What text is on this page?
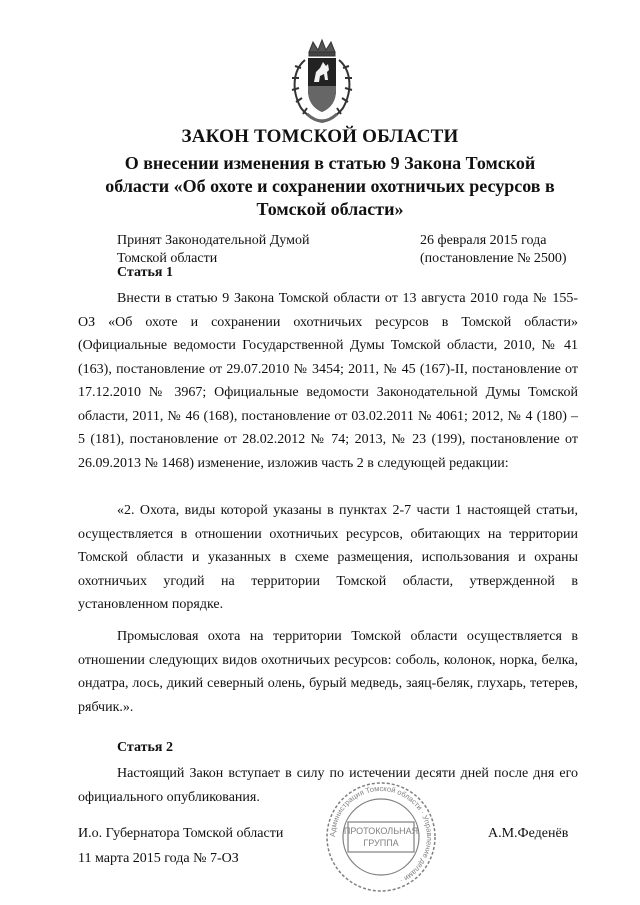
ЗАКОН ТОМСКОЙ ОБЛАСТИ
О внесении изменения в статью 9 Закона Томской
области «Об охоте и сохранении охотничьих ресурсов в
Томской области»
Принят Законодательной Думой
Томской области
26 февраля 2015 года
(постановление № 2500)
Статья 1
Внести в статью 9 Закона Томской области от 13 августа 2010 года № 155-ОЗ «Об охоте и сохранении охотничьих ресурсов в Томской области» (Официальные ведомости Государственной Думы Томской области, 2010, № 41 (163), постановление от 29.07.2010 № 3454; 2011, № 45 (167)-II, постановление от 17.12.2010 № 3967; Официальные ведомости Законодательной Думы Томской области, 2011, № 46 (168), постановление от 03.02.2011 № 4061; 2012, № 4 (180) – 5 (181), постановление от 28.02.2012 № 74; 2013, № 23 (199), постановление от 26.09.2013 № 1468) изменение, изложив часть 2 в следующей редакции:
«2. Охота, виды которой указаны в пунктах 2-7 части 1 настоящей статьи, осуществляется в отношении охотничьих ресурсов, обитающих на территории Томской области и указанных в схеме размещения, использования и охраны охотничьих угодий на территории Томской области, утвержденной в установленном порядке.
Промысловая охота на территории Томской области осуществляется в отношении следующих видов охотничьих ресурсов: соболь, колонок, норка, белка, ондатра, лось, дикий северный олень, бурый медведь, заяц-беляк, глухарь, тетерев, рябчик.».
Статья 2
Настоящий Закон вступает в силу по истечении десяти дней после дня его официального опубликования.
И.о. Губернатора Томской области	А.М.Феденёв
11 марта 2015 года № 7-ОЗ
Администрация Томской области · Управление делами ·
ПРОТОКОЛЬНАЯ
ГРУППА
